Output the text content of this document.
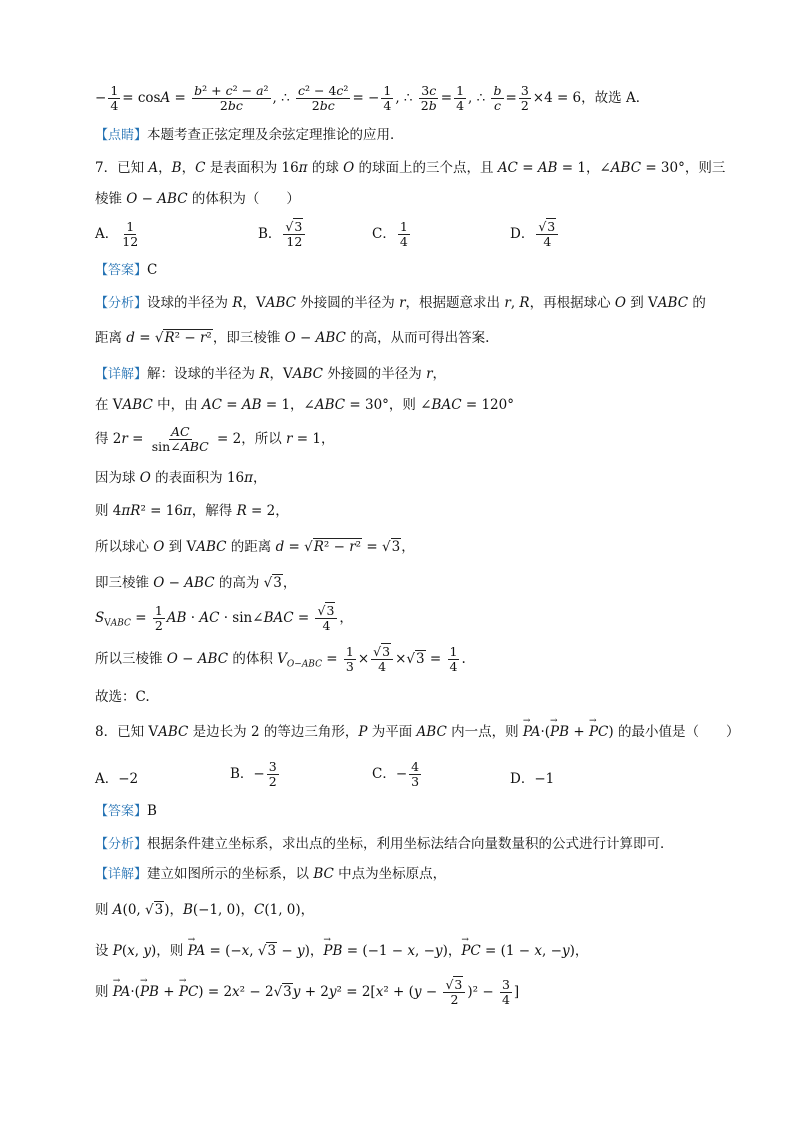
− $\frac{1}{4} = \cos A = \frac{\text{b² + c² − a²}}{2bc}$ , ∴ $\frac{\text{c² − 4c²}}{2bc}$ = − $\frac{1}{4}$ , ∴ $\frac{3c}{2b} = \frac{1}{4}$ , ∴ $\frac{b}{c} = \frac{3}{2} \times 4 = 6$，故选 A．
【点睛】本题考查正弦定理及余弦定理推论的应用．
7．已知 A，B，C 是表面积为 16π 的球 O 的球面上的三个点，且 AC = AB = 1，∠ABC = 30°，则三
棱锥 O − ABC 的体积为（　　）
A． $\frac{1}{12}$	B． $\frac{√3}{12}$	C． $\frac{1}{4}$	D． $\frac{√3}{4}$
【答案】C
【分析】设球的半径为 R，VABC 外接圆的半径为 r，根据题意求出 r, R，再根据球心 O 到 VABC 的
距离 d = √R² − r²，即三棱锥 O − ABC 的高，从而可得出答案.
【详解】解：设球的半径为 R，VABC 外接圆的半径为 r，
在 VABC 中，由 AC = AB = 1，∠ABC = 30°，则 ∠BAC = 120°
得 $2r = \frac{AC}{\text{sin∠ABC}} = 2$，所以 r = 1，
因为球 O 的表面积为 16π，
则 4πR² = 16π，解得 R = 2，
所以球心 O 到 VABC 的距离 d = √R² − r² = √3，
即三棱锥 O − ABC 的高为 √3，
$S_{VABC} = \frac{1}{2}$ AB · AC · sin∠BAC = $\frac{√3}{4}$ ，
所以三棱锥 O − ABC 的体积 $V_{O-ABC} = \frac{1}{3} \times \frac{√3}{4} \times√3 = \frac{1}{4}$ .
故选：C.
8．已知 VABC 是边长为 2 的等边三角形，P 为平面 ABC 内一点，则 → PA·(→ PB + → PC) 的最小值是（　　）
A．−2	B．− $\frac{3}{2}$	C．− $\frac{4}{3}$	D．−1
【答案】B
【分析】根据条件建立坐标系，求出点的坐标，利用坐标法结合向量数量积的公式进行计算即可．
【详解】建立如图所示的坐标系，以 BC 中点为坐标原点，
则 A(0, √3)，B(−1, 0)，C(1, 0)，
设 P(x, y)，则 → PA = (−x, √3 − y)，→ PB = (−1 − x, −y)，→ PC = (1 − x, −y)，
则 → PA·(→ PB + → $PC) = 2x^2 - 2√3y + 2y^2 = 2[x^2 + (y - \frac{√3}{2} )^2 - \frac{3}{4}$ ]
